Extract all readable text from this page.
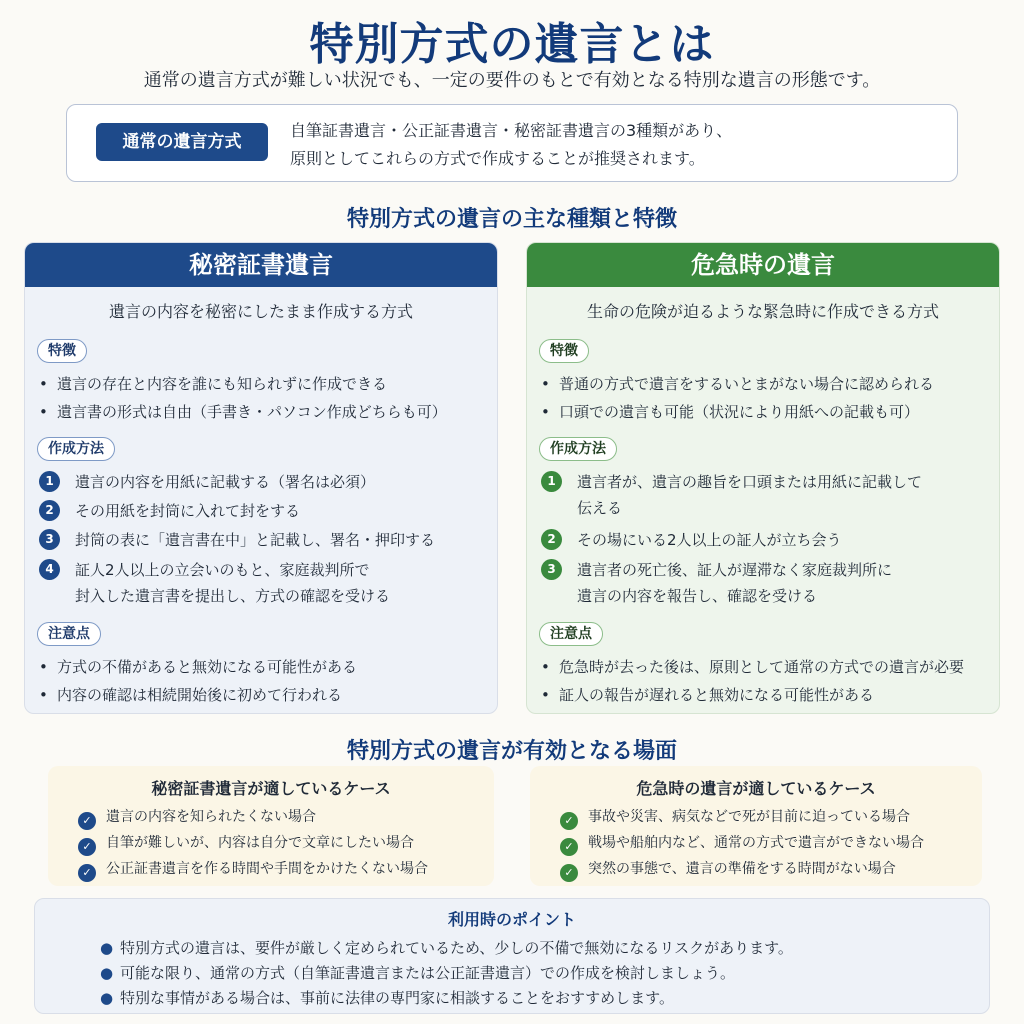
特別方式の遺言とは
通常の遺言方式が難しい状況でも、一定の要件のもとで有効となる特別な遺言の形態です。
通常の遺言方式
自筆証書遺言・公正証書遺言・秘密証書遺言の3種類があり、
原則としてこれらの方式で作成することが推奨されます。
特別方式の遺言の主な種類と特徴
秘密証書遺言
遺言の内容を秘密にしたまま作成する方式
特徴
• 遺言の存在と内容を誰にも知られずに作成できる
• 遺言書の形式は自由（手書き・パソコン作成どちらも可）
作成方法
1	遺言の内容を用紙に記載する（署名は必須）
2	その用紙を封筒に入れて封をする
3	封筒の表に「遺言書在中」と記載し、署名・押印する
4	証人2人以上の立会いのもと、家庭裁判所で
封入した遺言書を提出し、方式の確認を受ける
注意点
• 方式の不備があると無効になる可能性がある
• 内容の確認は相続開始後に初めて行われる
危急時の遺言
生命の危険が迫るような緊急時に作成できる方式
特徴
• 普通の方式で遺言をするいとまがない場合に認められる
• 口頭での遺言も可能（状況により用紙への記載も可）
作成方法
1	遺言者が、遺言の趣旨を口頭または用紙に記載して
伝える
2	その場にいる2人以上の証人が立ち会う
3	遺言者の死亡後、証人が遅滞なく家庭裁判所に
遺言の内容を報告し、確認を受ける
注意点
• 危急時が去った後は、原則として通常の方式での遺言が必要
• 証人の報告が遅れると無効になる可能性がある
特別方式の遺言が有効となる場面
秘密証書遺言が適しているケース
✓ 遺言の内容を知られたくない場合
✓ 自筆が難しいが、内容は自分で文章にしたい場合
✓ 公正証書遺言を作る時間や手間をかけたくない場合
危急時の遺言が適しているケース
✓ 事故や災害、病気などで死が目前に迫っている場合
✓ 戦場や船舶内など、通常の方式で遺言ができない場合
✓ 突然の事態で、遺言の準備をする時間がない場合
利用時のポイント
● 特別方式の遺言は、要件が厳しく定められているため、少しの不備で無効になるリスクがあります。
● 可能な限り、通常の方式（自筆証書遺言または公正証書遺言）での作成を検討しましょう。
● 特別な事情がある場合は、事前に法律の専門家に相談することをおすすめします。
